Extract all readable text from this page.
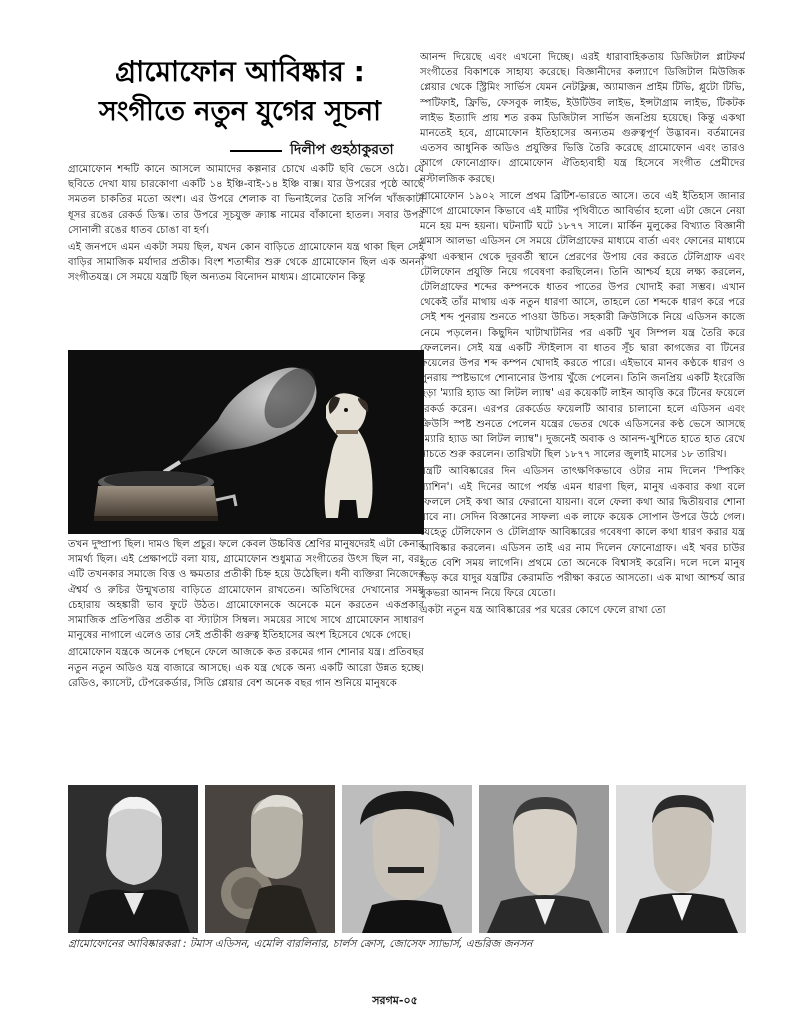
গ্রামোফোন আবিষ্কার :
সংগীতে নতুন যুগের সূচনা
দিলীপ গুহঠাকুরতা

গ্রামোফোন শব্দটি কানে আসলে আমাদের কল্পনার চোখে একটি ছবি ভেসে ওঠে। যে ছবিতে দেখা যায় চারকোণা একটি ১৪ ইঞ্চি-বাই-১৪ ইঞ্চি বাক্স। যার উপরের পৃষ্ঠে আছে সমতল চাকতির মতো অংশ। এর উপরে শেলাক বা ভিনাইলের তৈরি সর্পিল খাঁজকাটা ধূসর রঙের রেকর্ড ডিস্ক। তার উপরে সূচযুক্ত ক্র্যাঙ্ক নামের বাঁকানো হাতল। সবার উপর সোনালী রঙের ধাতব চোঙা বা হর্ণ।

এই জনপদে এমন একটা সময় ছিল, যখন কোন বাড়িতে গ্রামোফোন যন্ত্র থাকা ছিল সেই বাড়ির সামাজিক মর্যাদার প্রতীক। বিংশ শতাব্দীর শুরু থেকে গ্রামোফোন ছিল এক অনন্য সংগীতযন্ত্র। সে সময়ে যন্ত্রটি ছিল অন্যতম বিনোদন মাধ্যম। গ্রামোফোন কিন্তু

তখন দুষ্প্রাপ্য ছিল। দামও ছিল প্রচুর। ফলে কেবল উচ্চবিত্ত শ্রেণির মানুষদেরই এটা কেনার সামর্থ্য ছিল। এই প্রেক্ষাপটে বলা যায়, গ্রামোফোন শুধুমাত্র সংগীতের উৎস ছিল না, বরং এটি তখনকার সমাজে বিত্ত ও ক্ষমতার প্রতীকী চিহ্ন হয়ে উঠেছিল। ধনী ব্যক্তিরা নিজেদের ঐশ্বর্য ও রুচির উন্মুখতায় বাড়িতে গ্রামোফোন রাখতেন। অতিথিদের দেখানোর সময় চেহারায় অহঙ্কারী ভাব ফুটে উঠত। গ্রামোফোনকে অনেকে মনে করতেন একপ্রকার সামাজিক প্রতিপত্তির প্রতীক বা স্ট্যাটাস সিম্বল। সময়ের সাথে সাথে গ্রামোফোন সাধারণ মানুষের নাগালে এলেও তার সেই প্রতীকী গুরুত্ব ইতিহাসের অংশ হিসেবে থেকে গেছে।

গ্রামোফোন যন্ত্রকে অনেক পেছনে ফেলে আজকে কত রকমের গান শোনার যন্ত্র। প্রতিবছর নতুন নতুন অডিও যন্ত্র বাজারে আসছে। এক যন্ত্র থেকে অন্য একটি আরো উন্নত হচ্ছে। রেডিও, ক্যাসেট, টেপরেকর্ডার, সিডি প্লেয়ার বেশ অনেক বছর গান শুনিয়ে মানুষকে

আনন্দ দিয়েছে এবং এখনো দিচ্ছে। এরই ধারাবাহিকতায় ডিজিটাল প্লাটফর্ম সংগীতের বিকাশকে সাহায্য করেছে। বিজ্ঞানীদের কল্যাণে ডিজিটাল মিউজিক প্লেয়ার থেকে স্ট্রিমিং সার্ভিস যেমন নেটফ্লিক্স, অ্যামাজন প্রাইম টিভি, প্লুটো টিভি, স্পটিফাই, ফ্রিভি, ফেসবুক লাইভ, ইউটিউব লাইভ, ইন্সটাগ্রাম লাইভ, টিকটক লাইভ ইত্যাদি প্রায় শত রকম ডিজিটাল সার্ভিস জনপ্রিয় হয়েছে। কিন্তু একথা মানতেই হবে, গ্রামোফোন ইতিহাসের অন্যতম গুরুত্বপূর্ণ উদ্ভাবন। বর্তমানের এতসব আধুনিক অডিও প্রযুক্তির ভিত্তি তৈরি করেছে গ্রামোফোন এবং তারও আগে ফোনোগ্রাফ। গ্রামোফোন ঐতিহ্যবাহী যন্ত্র হিসেবে সংগীত প্রেমীদের নস্টালজিক করছে।

গ্রামোফোন ১৯০২ সালে প্রথম ব্রিটিশ-ভারতে আসে। তবে এই ইতিহাস জানার আগে গ্রামোফোন কিভাবে এই মাটির পৃথিবীতে আবির্ভাব হলো এটা জেনে নেয়া মনে হয় মন্দ হয়না। ঘটনাটি ঘটে ১৮৭৭ সালে। মার্কিন মুলুকের বিখ্যাত বিজ্ঞানী থমাস আলভা এডিসন সে সময়ে টেলিগ্রাফের মাধ্যমে বার্তা এবং ফোনের মাধ্যমে কথা একস্থান থেকে দূরবর্তী স্থানে প্রেরণের উপায় বের করতে টেলিগ্রাফ এবং টেলিফোন প্রযুক্তি নিয়ে গবেষণা করছিলেন। তিনি আশ্চর্য হয়ে লক্ষ্য করলেন, টেলিগ্রাফের শব্দের কম্পনকে ধাতব পাতের উপর খোদাই করা সম্ভব। এখান থেকেই তাঁর মাথায় এক নতুন ধারণা আসে, তাহলে তো শব্দকে ধারণ করে পরে সেই শব্দ পুনরায় শুনতে পাওয়া উচিত। সহকারী ক্রিউসিকে নিয়ে এডিসন কাজে নেমে পড়লেন। কিছুদিন খাটাখাটনির পর একটি খুব সিম্পল যন্ত্র তৈরি করে ফেললেন। সেই যন্ত্র একটি স্টাইলাস বা ধাতব সূঁচ দ্বারা কাগজের বা টিনের ফয়েলের উপর শব্দ কম্পন খোদাই করতে পারে। এইভাবে মানব কণ্ঠকে ধারণ ও পুনরায় স্পষ্টভাগে শোনানোর উপায় খুঁজে পেলেন। তিনি জনপ্রিয় একটি ইংরেজি ছড়া 'ম্যারি হ্যাড আ লিটল ল্যাম্ব' এর কয়েকটি লাইন আবৃত্তি করে টিনের ফয়েলে রেকর্ড করেন। এরপর রেকর্ডেড ফয়েলটি আবার চালানো হলে এডিসন এবং ক্রিউসি স্পষ্ট শুনতে পেলেন যন্ত্রের ভেতর থেকে এডিসনের কণ্ঠ ভেসে আসছে "ম্যারি হ্যাড আ লিটল ল্যাম্ব"। দুজনেই অবাক ও আনন্দ-খুশিতে হাতে হাত রেখে নাচতে শুরু করলেন। তারিখটা ছিল ১৮৭৭ সালের জুলাই মাসের ১৮ তারিখ।

যন্ত্রটি আবিষ্কারের দিন এডিসন তাৎক্ষণিকভাবে ওটার নাম দিলেন 'স্পিকিং ম্যাশিন'। এই দিনের আগে পর্যন্ত এমন ধারণা ছিল, মানুষ একবার কথা বলে ফেললে সেই কথা আর ফেরানো যায়না। বলে ফেলা কথা আর দ্বিতীয়বার শোনা যাবে না। সেদিন বিজ্ঞানের সাফল্য এক লাফে কয়েক সোপান উপরে উঠে গেল। যেহেতু টেলিফোন ও টেলিগ্রাফ আবিষ্কারের গবেষণা কালে কথা ধারণ করার যন্ত্র আবিষ্কার করলেন। এডিসন তাই এর নাম দিলেন ফোনোগ্রাফ। এই খবর চাউর হতে বেশি সময় লাগেনি। প্রথমে তো অনেকে বিশ্বাসই করেনি। দলে দলে মানুষ ভিড় করে যাদুর যন্ত্রটির কেরামতি পরীক্ষা করতে আসতো। এক মাথা আশ্চর্য আর বুকভরা আনন্দ নিয়ে ফিরে যেতো।

একটা নতুন যন্ত্র আবিষ্কারের পর ঘরের কোণে ফেলে রাখা তো

গ্রামোফোনের আবিষ্কারকরা : টমাস এডিসন, এমেলি বারলিনার, চার্লস ক্রোস, জোসেফ স্যাভার্স, এন্ডরিজ জনসন
সরগম-০৫
